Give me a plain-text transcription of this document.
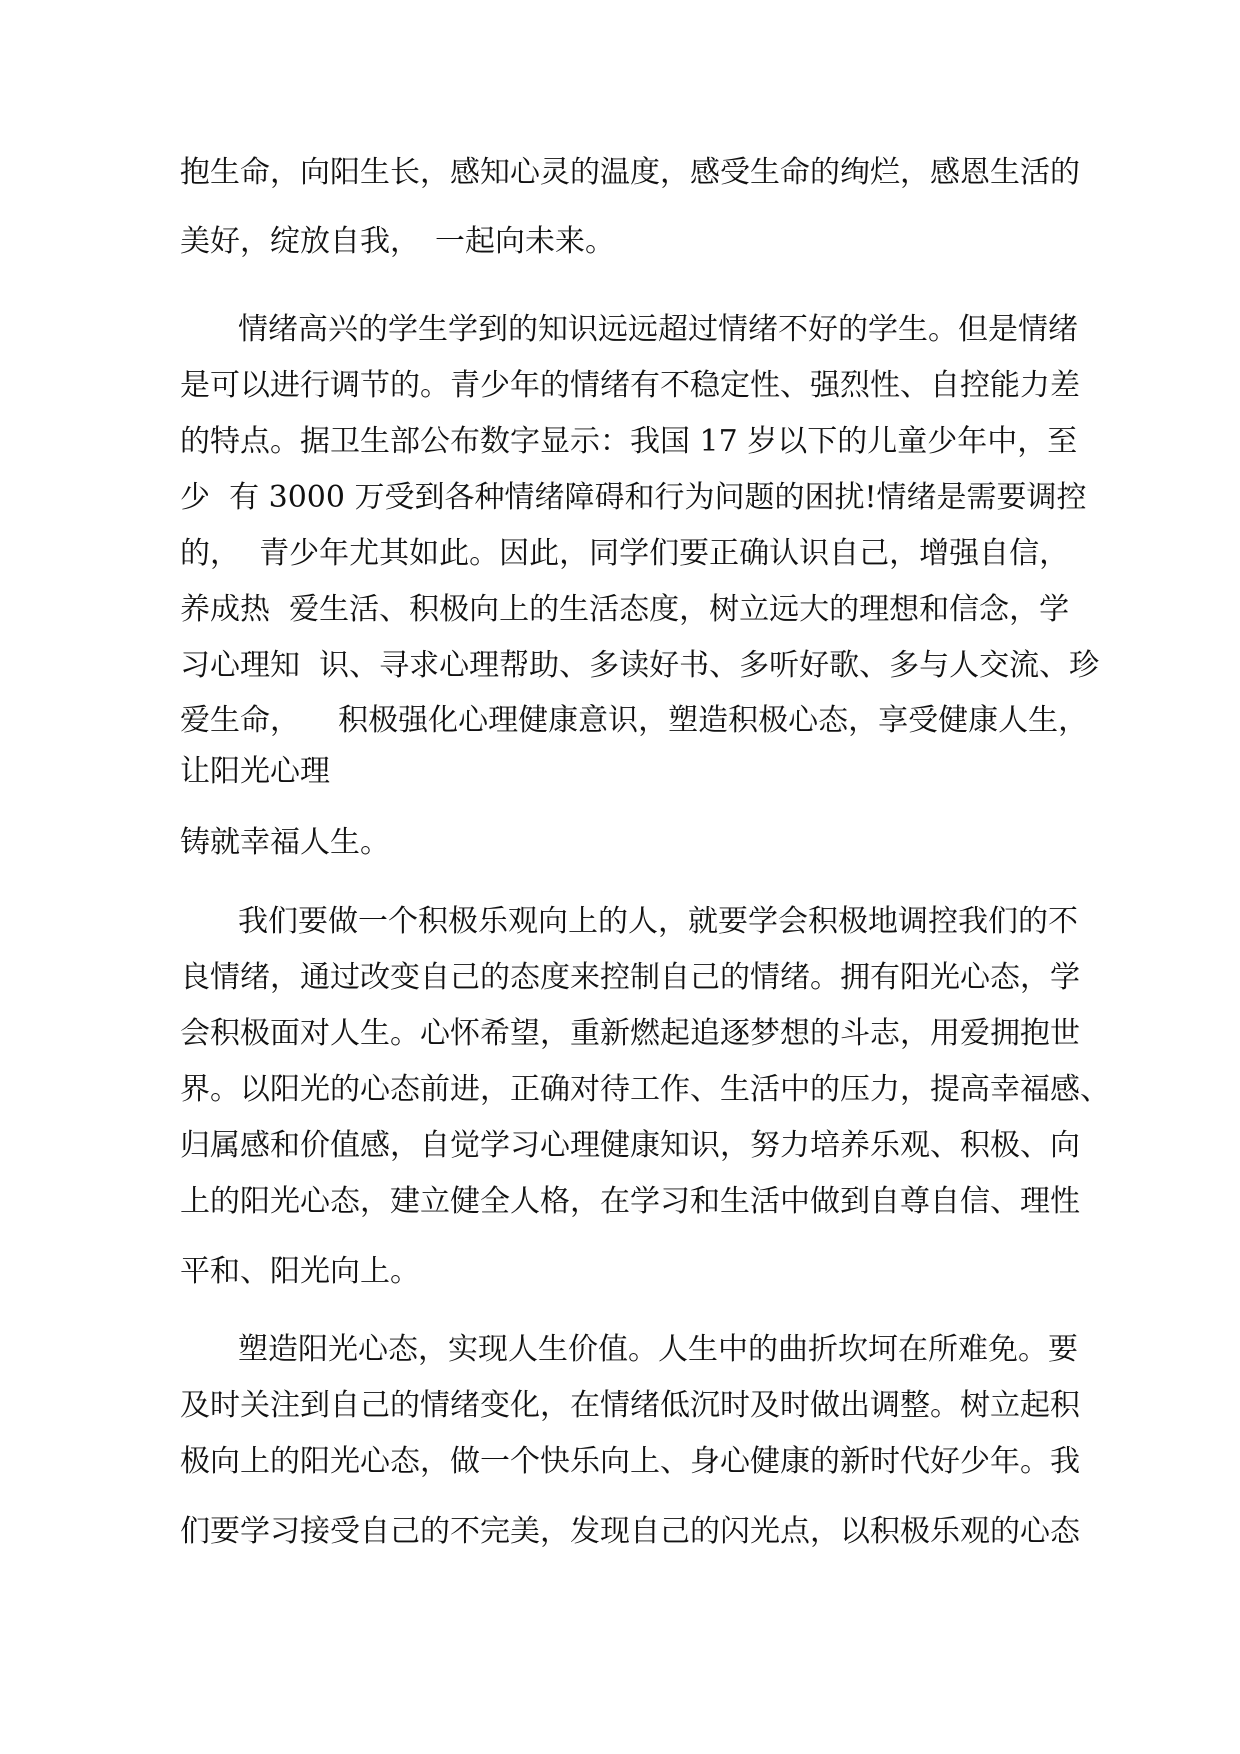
抱生命，向阳生长，感知心灵的温度，感受生命的绚烂，感恩生活的

美好，绽放自我，　一起向未来。

情绪高兴的学生学到的知识远远超过情绪不好的学生。但是情绪

是可以进行调节的。青少年的情绪有不稳定性、强烈性、自控能力差

的特点。据卫生部公布数字显示：我国 17 岁以下的儿童少年中，至

少  有 3000 万受到各种情绪障碍和行为问题的困扰!情绪是需要调控

的，  青少年尤其如此。因此，同学们要正确认识自己，增强自信，

养成热  爱生活、积极向上的生活态度，树立远大的理想和信念，学

习心理知  识、寻求心理帮助、多读好书、多听好歌、多与人交流、珍

爱生命，    积极强化心理健康意识，塑造积极心态，享受健康人生，

让阳光心理

铸就幸福人生。

我们要做一个积极乐观向上的人，就要学会积极地调控我们的不

良情绪，通过改变自己的态度来控制自己的情绪。拥有阳光心态，学

会积极面对人生。心怀希望，重新燃起追逐梦想的斗志，用爱拥抱世

界。以阳光的心态前进，正确对待工作、生活中的压力，提高幸福感、

归属感和价值感，自觉学习心理健康知识，努力培养乐观、积极、向

上的阳光心态，建立健全人格，在学习和生活中做到自尊自信、理性

平和、阳光向上。

塑造阳光心态，实现人生价值。人生中的曲折坎坷在所难免。要

及时关注到自己的情绪变化，在情绪低沉时及时做出调整。树立起积

极向上的阳光心态，做一个快乐向上、身心健康的新时代好少年。我

们要学习接受自己的不完美，发现自己的闪光点，以积极乐观的心态
